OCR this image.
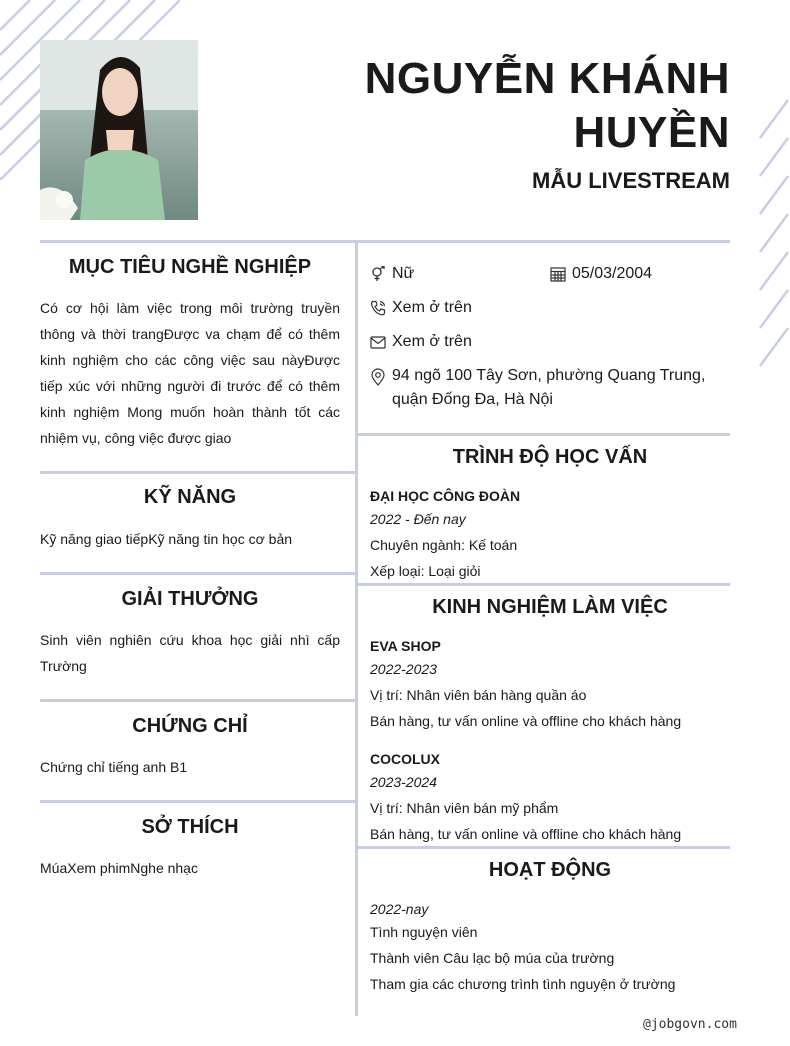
NGUYỄN KHÁNH
HUYỀN
MẪU LIVESTREAM
MỤC TIÊU NGHỀ NGHIỆP
Có cơ hội làm việc trong môi trường truyền thông và thời trangĐược va chạm để có thêm kinh nghiệm cho các công việc sau nàyĐược tiếp xúc với những người đi trước để có thêm kinh nghiệm Mong muốn hoàn thành tốt các nhiệm vụ, công việc được giao
KỸ NĂNG
Kỹ năng giao tiếpKỹ năng tin học cơ bản
GIẢI THƯỞNG
Sinh viên nghiên cứu khoa học giải nhì cấp Trường
CHỨNG CHỈ
Chứng chỉ tiếng anh B1
SỞ THÍCH
MúaXem phimNghe nhạc
Nữ	05/03/2004
Xem ở trên
Xem ở trên
94 ngõ 100 Tây Sơn, phường Quang Trung,
quận Đống Đa, Hà Nội
TRÌNH ĐỘ HỌC VẤN
ĐẠI HỌC CÔNG ĐOÀN
2022 - Đến nay
Chuyên ngành: Kế toán
Xếp loại: Loại giỏi
KINH NGHIỆM LÀM VIỆC
EVA SHOP
2022-2023
Vị trí: Nhân viên bán hàng quần áo
Bán hàng, tư vấn online và offline cho khách hàng
COCOLUX
2023-2024
Vị trí: Nhân viên bán mỹ phẩm
Bán hàng, tư vấn online và offline cho khách hàng
HOẠT ĐỘNG
2022-nay
Tình nguyện viên
Thành viên Câu lạc bộ múa của trường
Tham gia các chương trình tình nguyện ở trường
@jobgovn.com
